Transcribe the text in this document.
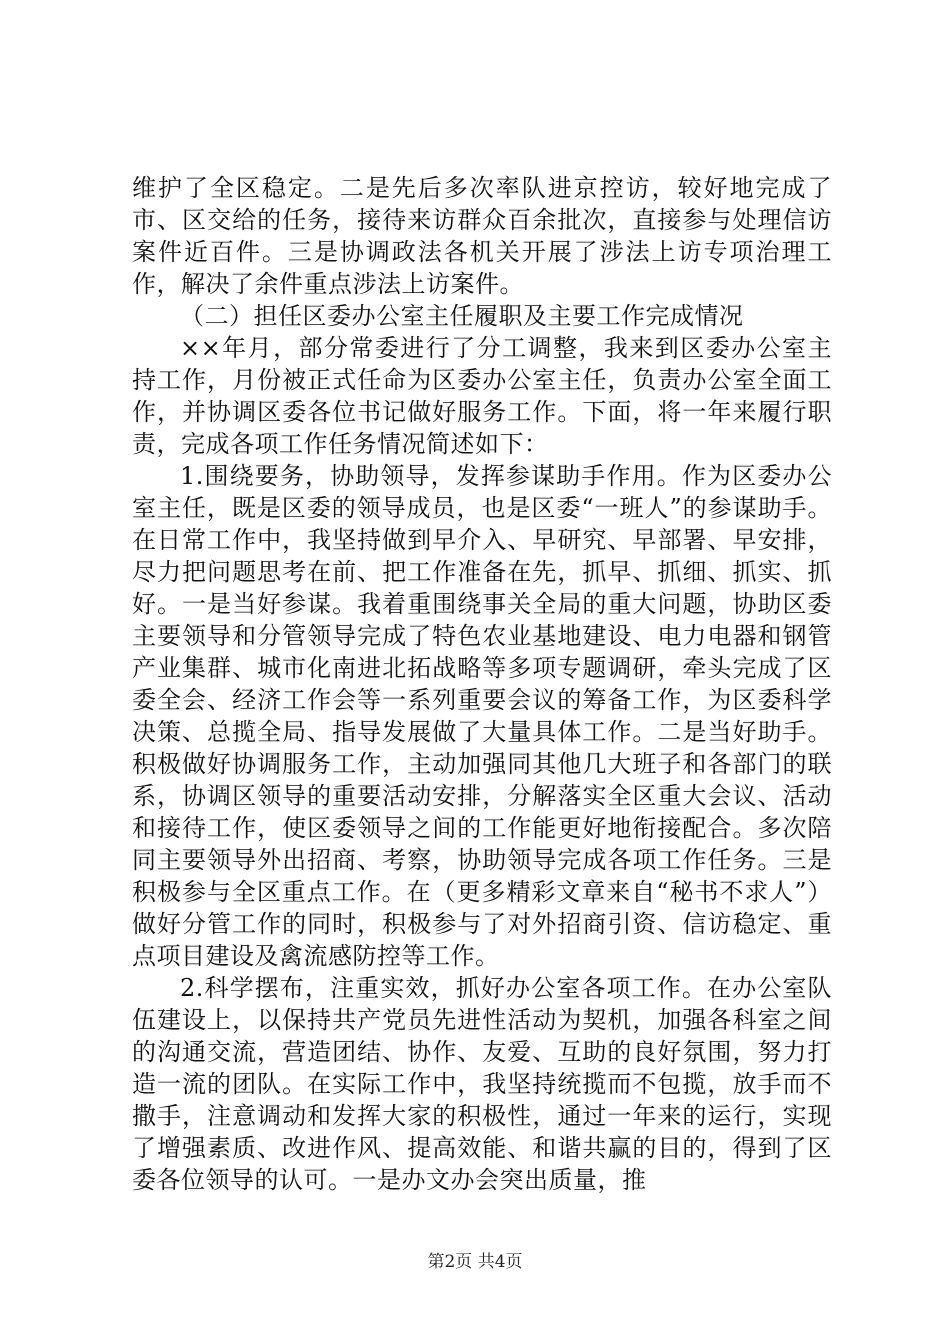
维护了全区稳定。二是先后多次率队进京控访，较好地完成了市、区交给的任务，接待来访群众百余批次，直接参与处理信访案件近百件。三是协调政法各机关开展了涉法上访专项治理工作，解决了余件重点涉法上访案件。

（二）担任区委办公室主任履职及主要工作完成情况

××年月，部分常委进行了分工调整，我来到区委办公室主持工作，月份被正式任命为区委办公室主任，负责办公室全面工作，并协调区委各位书记做好服务工作。下面，将一年来履行职责，完成各项工作任务情况简述如下：

1.围绕要务，协助领导，发挥参谋助手作用。作为区委办公室主任，既是区委的领导成员，也是区委“一班人”的参谋助手。在日常工作中，我坚持做到早介入、早研究、早部署、早安排，尽力把问题思考在前、把工作准备在先，抓早、抓细、抓实、抓好。一是当好参谋。我着重围绕事关全局的重大问题，协助区委主要领导和分管领导完成了特色农业基地建设、电力电器和钢管产业集群、城市化南进北拓战略等多项专题调研，牵头完成了区委全会、经济工作会等一系列重要会议的筹备工作，为区委科学决策、总揽全局、指导发展做了大量具体工作。二是当好助手。积极做好协调服务工作，主动加强同其他几大班子和各部门的联系，协调区领导的重要活动安排，分解落实全区重大会议、活动和接待工作，使区委领导之间的工作能更好地衔接配合。多次陪同主要领导外出招商、考察，协助领导完成各项工作任务。三是积极参与全区重点工作。在（更多精彩文章来自“秘书不求人”）做好分管工作的同时，积极参与了对外招商引资、信访稳定、重点项目建设及禽流感防控等工作。

2.科学摆布，注重实效，抓好办公室各项工作。在办公室队伍建设上，以保持共产党员先进性活动为契机，加强各科室之间的沟通交流，营造团结、协作、友爱、互助的良好氛围，努力打造一流的团队。在实际工作中，我坚持统揽而不包揽，放手而不撒手，注意调动和发挥大家的积极性，通过一年来的运行，实现了增强素质、改进作风、提高效能、和谐共赢的目的，得到了区委各位领导的认可。一是办文办会突出质量，推

第2页 共4页
